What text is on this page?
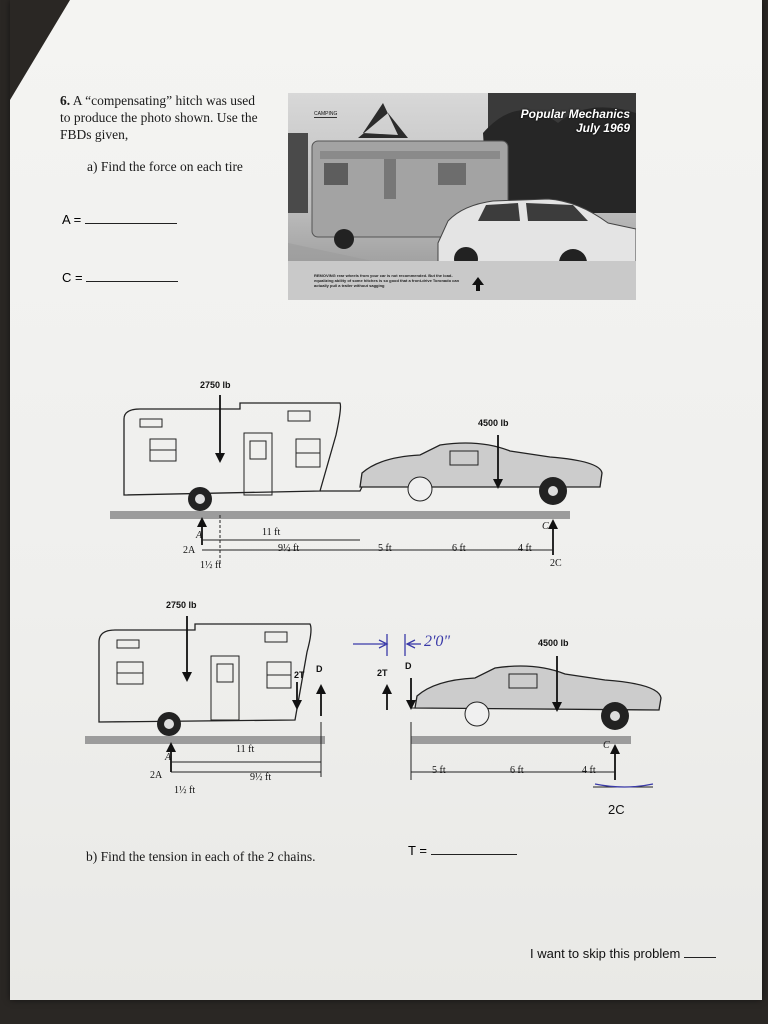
6. A “compensating” hitch was used
to produce the photo shown. Use the
FBDs given,
a) Find the force on each tire
A =
C =
CAMPING	Popular Mechanics
July 1969
REMOVING rear wheels from your car is not recommended. But the load-equalizing ability of some hitches is so good that a front-drive Toronado can actually pull a trailer without sagging
2750 lb
4500 lb
11 ft
9½ ft
1½ ft
5 ft	6 ft	4 ft
A
2A
C
2C
2750 lb
4500 lb
2'0"
2T
D	2T
D
11 ft
9½ ft
1½ ft
5 ft	6 ft	4 ft
A
2A
C
2C
b) Find the tension in each of the 2 chains.	T =
I want to skip this problem
